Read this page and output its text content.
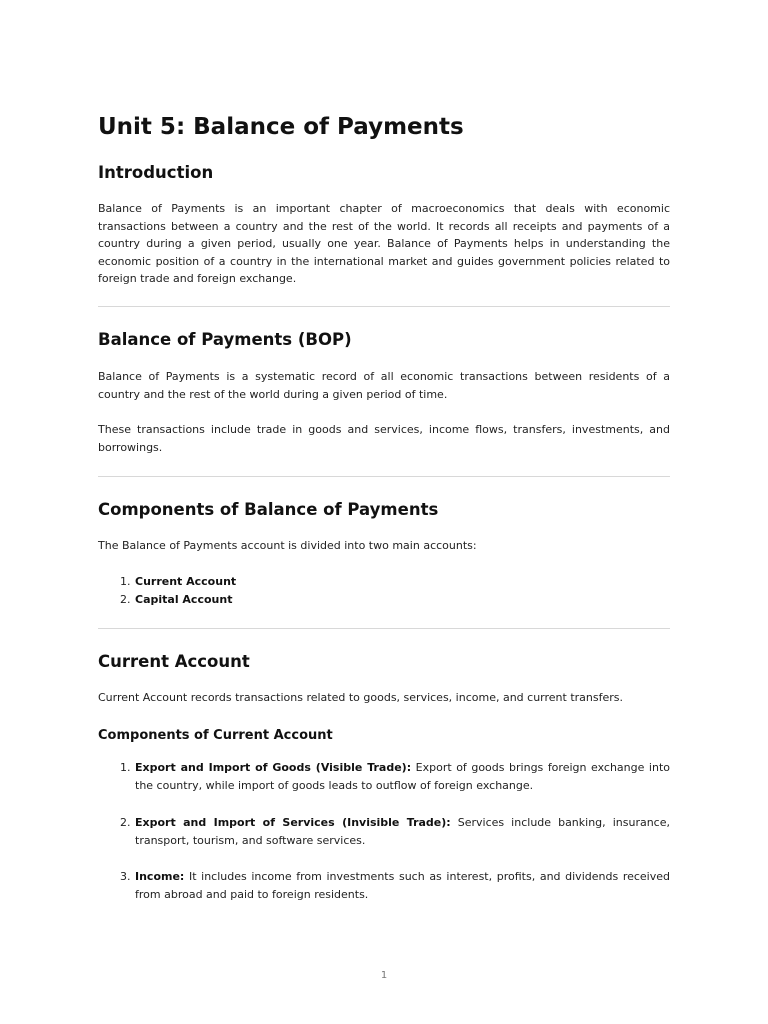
Unit 5: Balance of Payments
Introduction

Balance of Payments is an important chapter of macroeconomics that deals with economic transactions between a country and the rest of the world. It records all receipts and payments of a country during a given period, usually one year. Balance of Payments helps in understanding the economic position of a country in the international market and guides government policies related to foreign trade and foreign exchange.

Balance of Payments (BOP)

Balance of Payments is a systematic record of all economic transactions between residents of a country and the rest of the world during a given period of time.

These transactions include trade in goods and services, income flows, transfers, investments, and borrowings.

Components of Balance of Payments

The Balance of Payments account is divided into two main accounts:

1. Current Account
2. Capital Account
Current Account

Current Account records transactions related to goods, services, income, and current transfers.

Components of Current Account
1. Export and Import of Goods (Visible Trade): Export of goods brings foreign exchange into the country, while import of goods leads to outflow of foreign exchange.
2. Export and Import of Services (Invisible Trade): Services include banking, insurance, transport, tourism, and software services.
3. Income: It includes income from investments such as interest, profits, and dividends received from abroad and paid to foreign residents.
1
